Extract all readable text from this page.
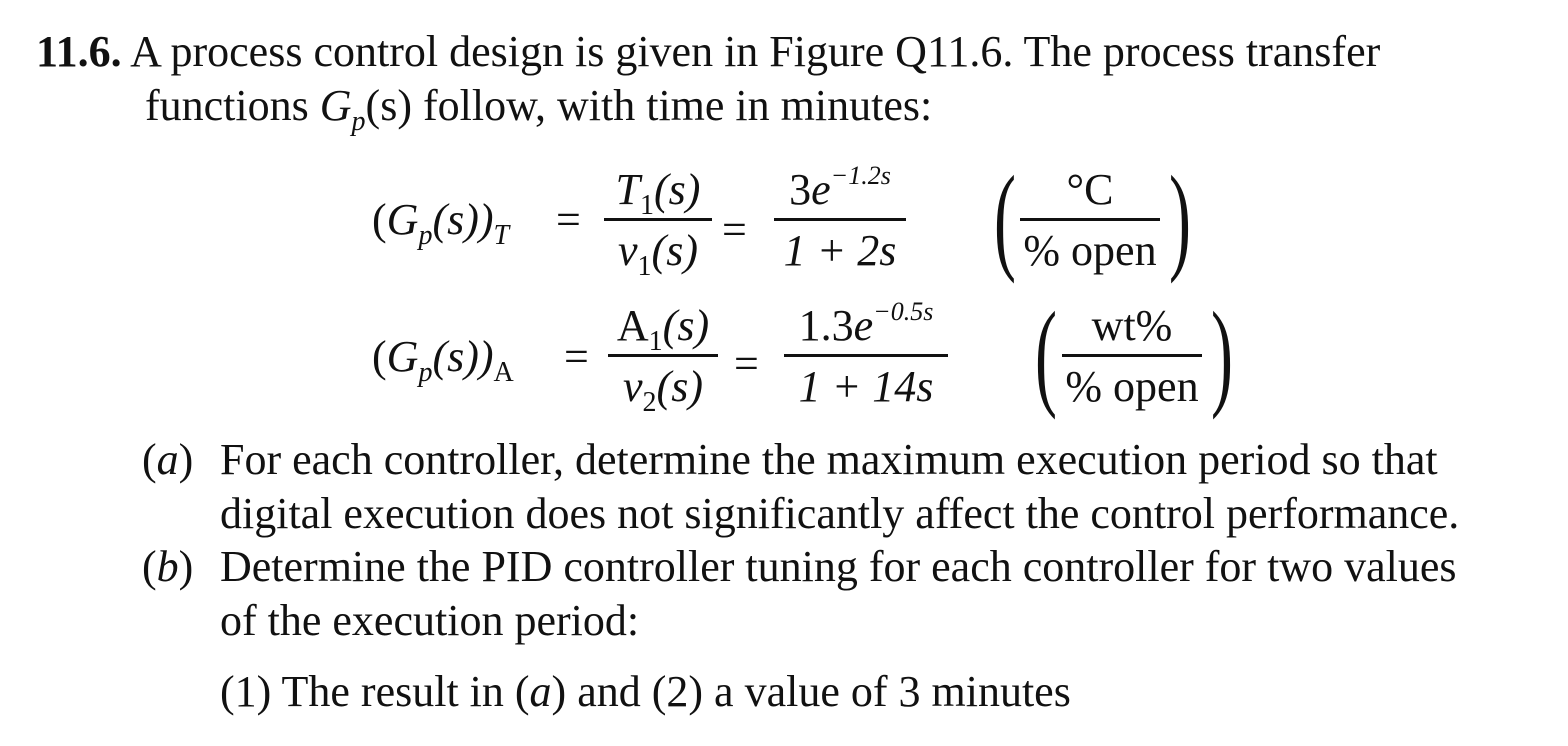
11.6. A process control design is given in Figure Q11.6. The process transfer
functions $G_p(s)$ follow, with time in minutes:
$(G_p(s))_T$ =
$T_1(s)$
$v_1(s)$ =
$3e^{-1.2s}$
1 + 2s (	°C
% open )
$(G_p(s))_A$ =
$A_1(s)$
$v_2(s)$ =
$1.3e^{-0.5s}$
1 + 14s ( wt%
% open )
(a) For each controller, determine the maximum execution period so that
digital execution does not significantly affect the control performance.
(b) Determine the PID controller tuning for each controller for two values
of the execution period:
(1) The result in (a) and (2) a value of 3 minutes
